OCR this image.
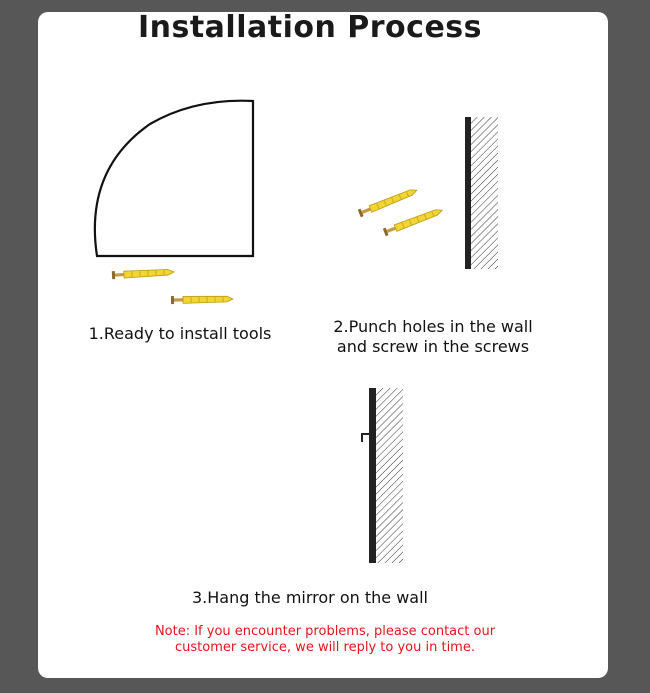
Installation Process
1.Ready to install tools	2.Punch holes in the wall
and screw in the screws
3.Hang the mirror on the wall
Note: If you encounter problems, please contact our
customer service, we will reply to you in time.
